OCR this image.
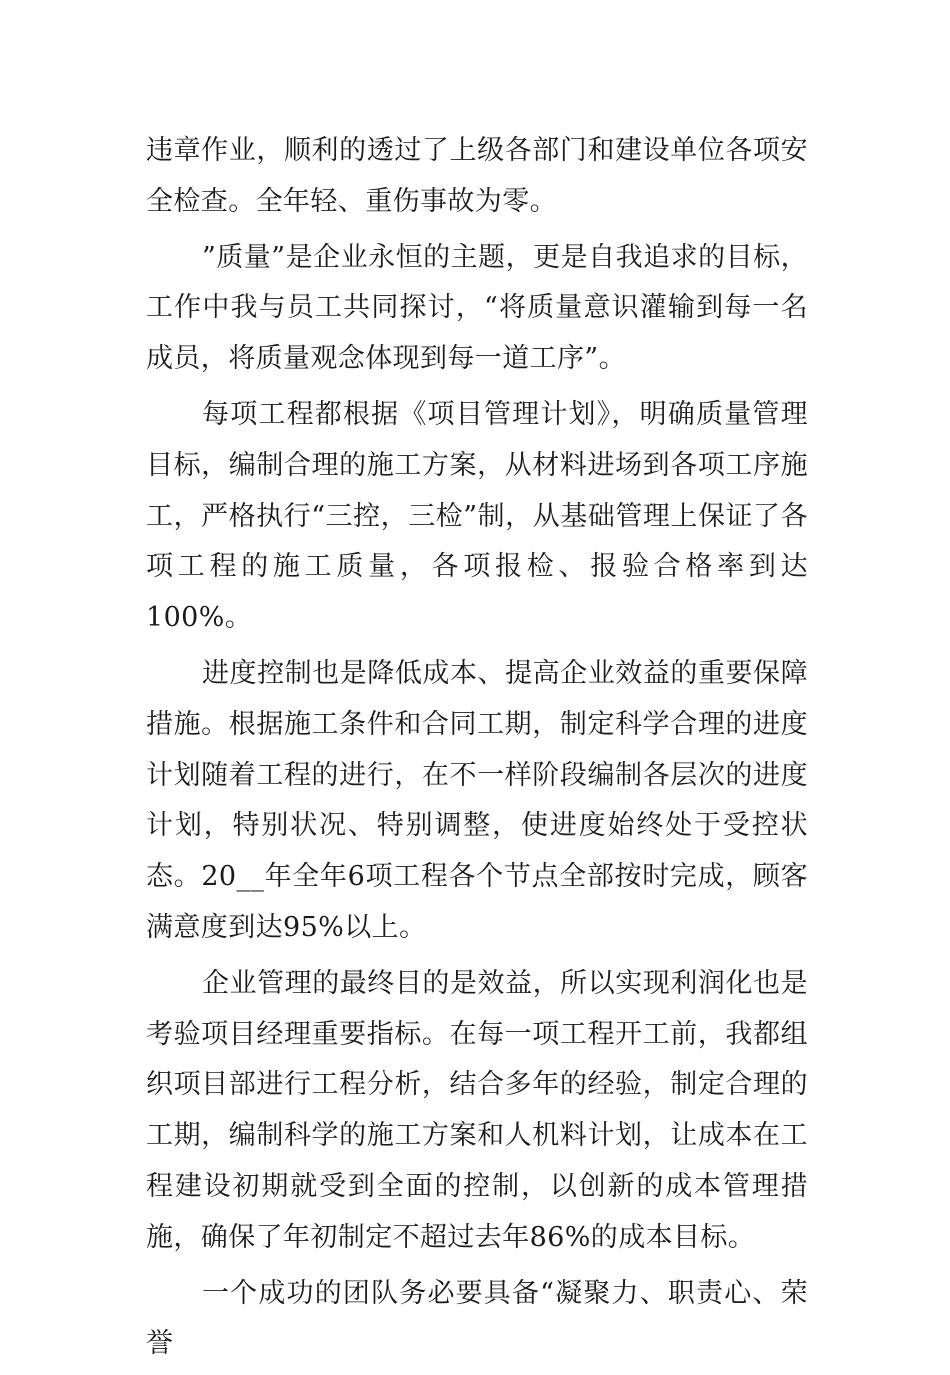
违章作业，顺利的透过了上级各部门和建设单位各项安全检查。全年轻、重伤事故为零。

”质量”是企业永恒的主题，更是自我追求的目标，工作中我与员工共同探讨，“将质量意识灌输到每一名成员，将质量观念体现到每一道工序”。

每项工程都根据《项目管理计划》，明确质量管理目标，编制合理的施工方案，从材料进场到各项工序施工，严格执行“三控，三检”制，从基础管理上保证了各项工程的施工质量，各项报检、报验合格率到达100%。

进度控制也是降低成本、提高企业效益的重要保障措施。根据施工条件和合同工期，制定科学合理的进度计划随着工程的进行，在不一样阶段编制各层次的进度计划，特别状况、特别调整，使进度始终处于受控状态。20__年全年6项工程各个节点全部按时完成，顾客满意度到达95%以上。

企业管理的最终目的是效益，所以实现利润化也是考验项目经理重要指标。在每一项工程开工前，我都组织项目部进行工程分析，结合多年的经验，制定合理的工期，编制科学的施工方案和人机料计划，让成本在工程建设初期就受到全面的控制，以创新的成本管理措施，确保了年初制定不超过去年86%的成本目标。

一个成功的团队务必要具备“凝聚力、职责心、荣誉
